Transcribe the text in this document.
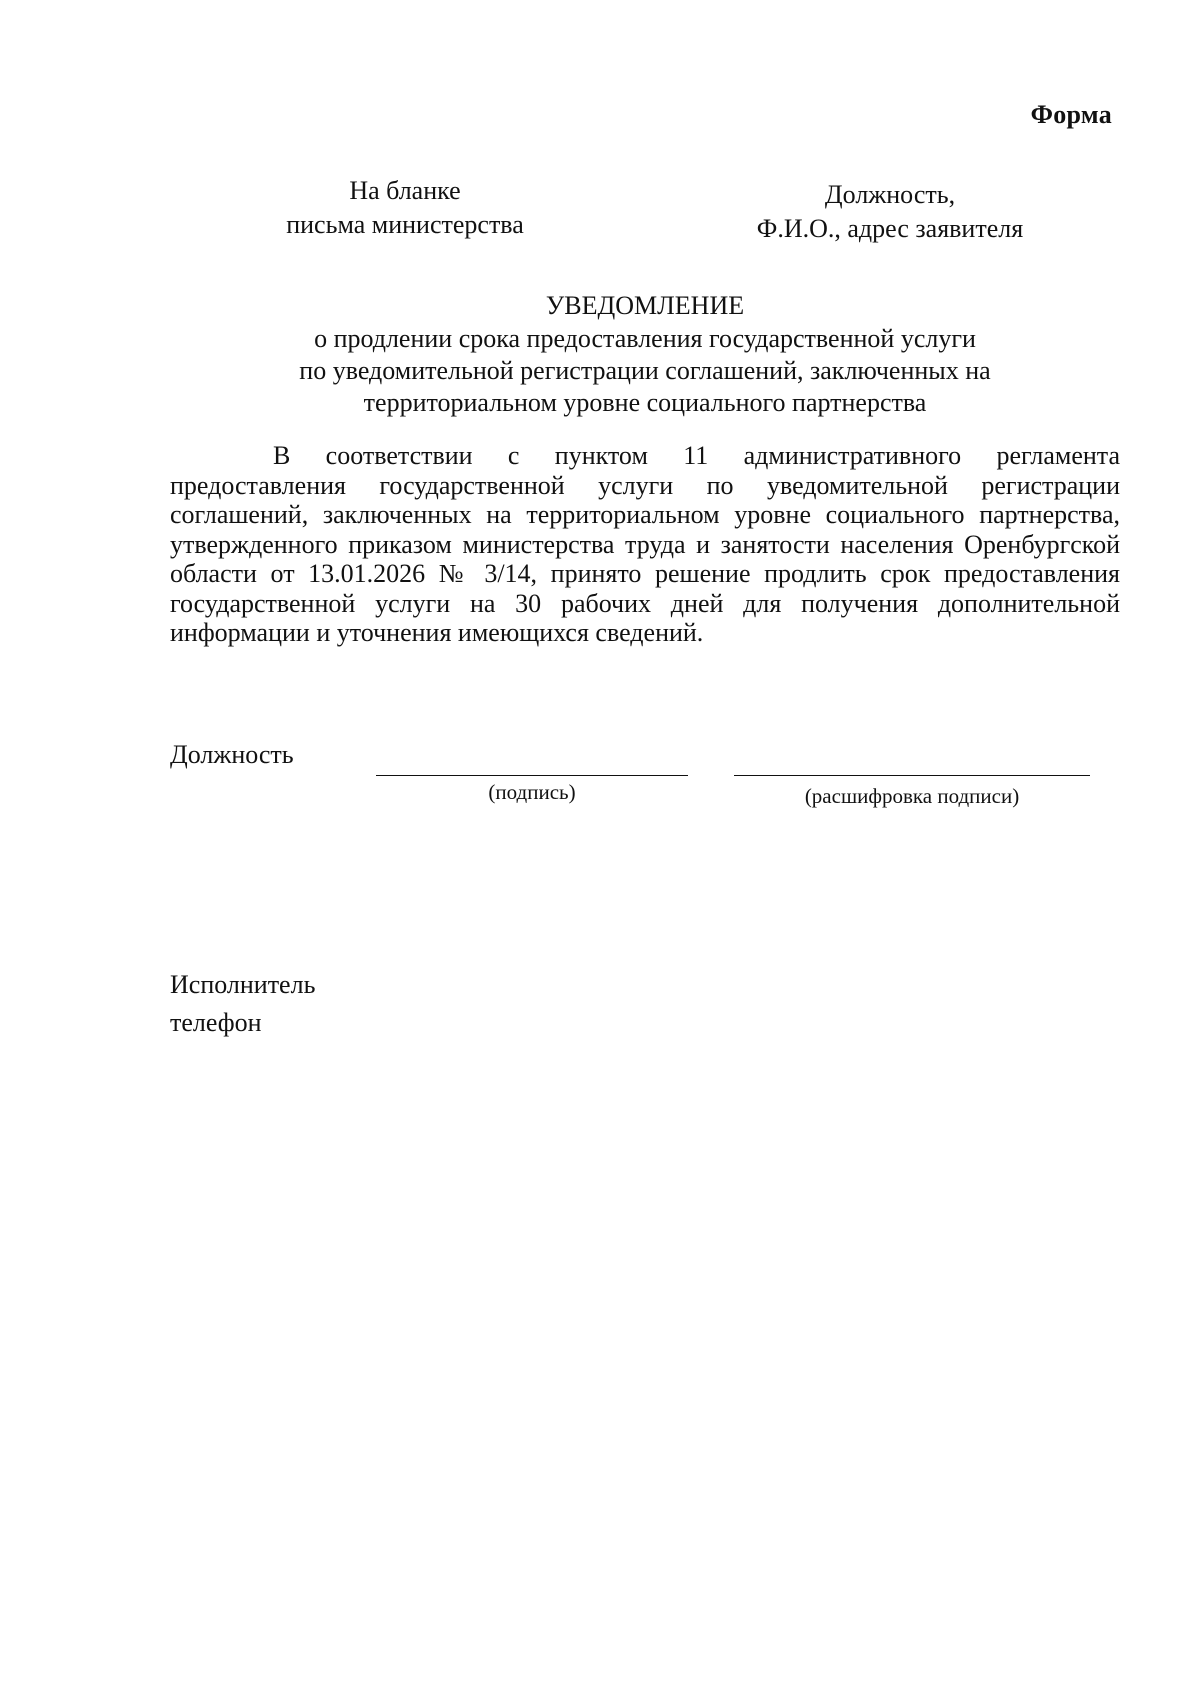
Форма
На бланке
письма министерства
Должность,
Ф.И.О., адрес заявителя
УВЕДОМЛЕНИЕ
о продлении срока предоставления государственной услуги
по уведомительной регистрации соглашений, заключенных на
территориальном уровне социального партнерства

В соответствии с пунктом 11 административного регламента предоставления государственной услуги по уведомительной регистрации соглашений, заключенных на территориальном уровне социального партнерства, утвержденного приказом министерства труда и занятости населения Оренбургской области от 13.01.2026 № 3/14, принято решение продлить срок предоставления государственной услуги на 30 рабочих дней для получения дополнительной информации и уточнения имеющихся сведений.

Должность
(подпись)	(расшифровка подписи)
Исполнитель
телефон
